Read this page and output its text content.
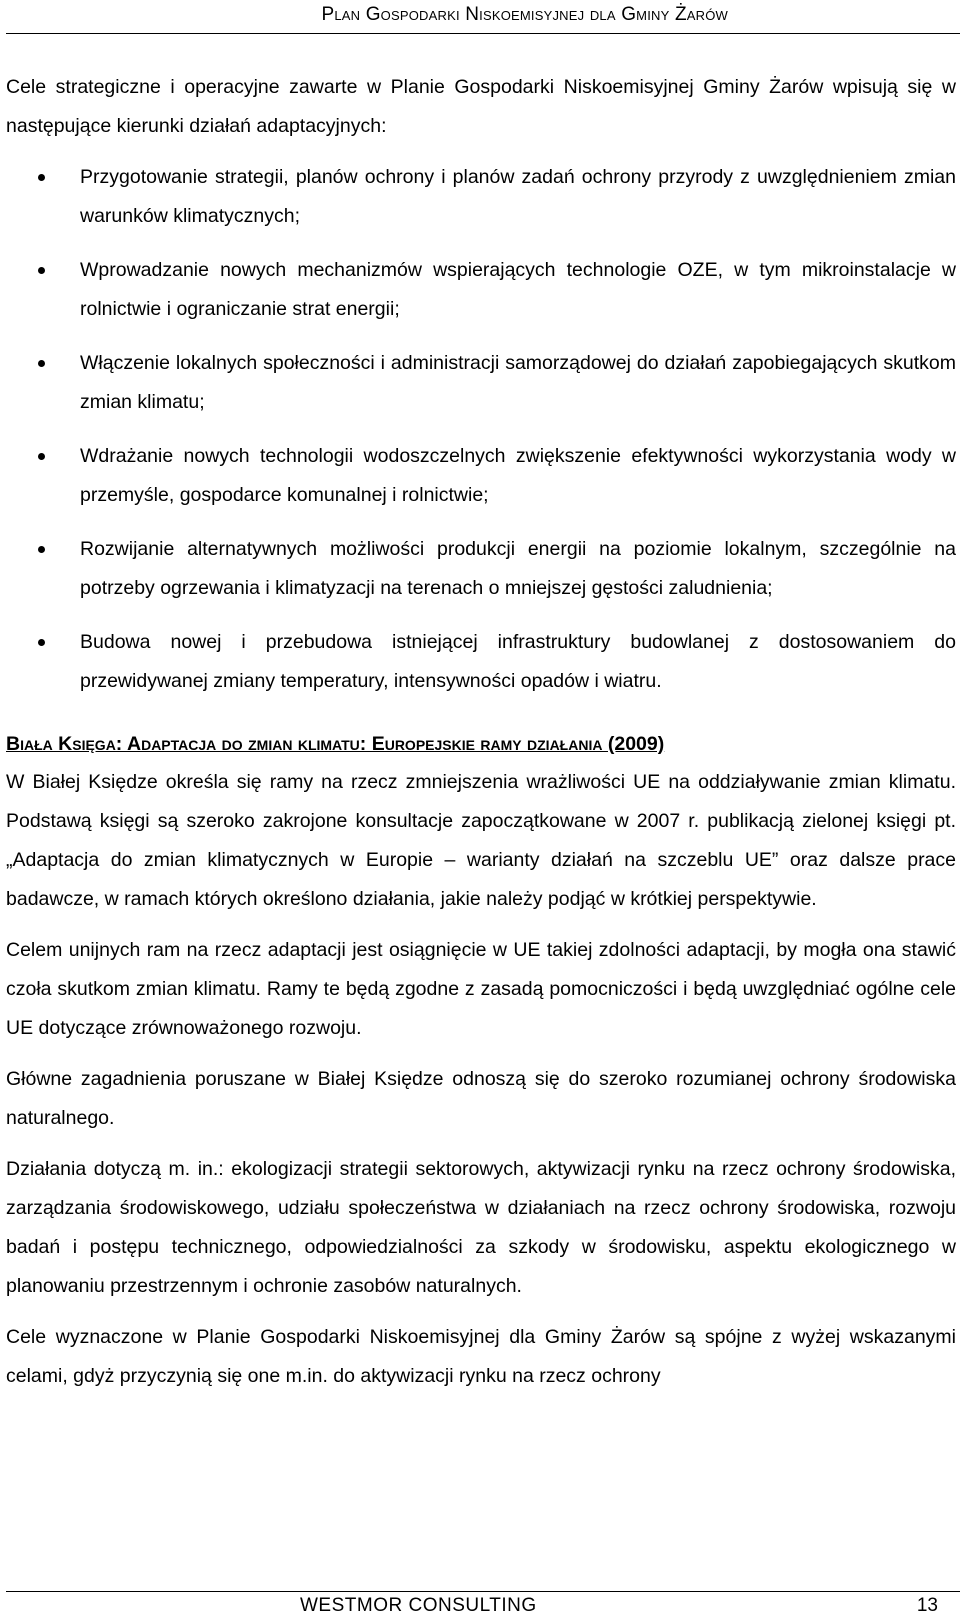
Plan Gospodarki Niskoemisyjnej dla Gminy Żarów

Cele strategiczne i operacyjne zawarte w Planie Gospodarki Niskoemisyjnej Gminy Żarów wpisują się w następujące kierunki działań adaptacyjnych:

Przygotowanie strategii, planów ochrony i planów zadań ochrony przyrody z uwzględnieniem zmian warunków klimatycznych;
Wprowadzanie nowych mechanizmów wspierających technologie OZE, w tym mikroinstalacje w rolnictwie i ograniczanie strat energii;
Włączenie lokalnych społeczności i administracji samorządowej do działań zapobiegających skutkom zmian klimatu;
Wdrażanie nowych technologii wodoszczelnych zwiększenie efektywności wykorzystania wody w przemyśle, gospodarce komunalnej i rolnictwie;
Rozwijanie alternatywnych możliwości produkcji energii na poziomie lokalnym, szczególnie na potrzeby ogrzewania i klimatyzacji na terenach o mniejszej gęstości zaludnienia;
Budowa nowej i przebudowa istniejącej infrastruktury budowlanej z dostosowaniem do przewidywanej zmiany temperatury, intensywności opadów i wiatru.

Biała Księga: Adaptacja do zmian klimatu: Europejskie ramy działania (2009)

W Białej Księdze określa się ramy na rzecz zmniejszenia wrażliwości UE na oddziaływanie zmian klimatu. Podstawą księgi są szeroko zakrojone konsultacje zapoczątkowane w 2007 r. publikacją zielonej księgi pt. „Adaptacja do zmian klimatycznych w Europie – warianty działań na szczeblu UE” oraz dalsze prace badawcze, w ramach których określono działania, jakie należy podjąć w krótkiej perspektywie.

Celem unijnych ram na rzecz adaptacji jest osiągnięcie w UE takiej zdolności adaptacji, by mogła ona stawić czoła skutkom zmian klimatu. Ramy te będą zgodne z zasadą pomocniczości i będą uwzględniać ogólne cele UE dotyczące zrównoważonego rozwoju.

Główne zagadnienia poruszane w Białej Księdze odnoszą się do szeroko rozumianej ochrony środowiska naturalnego.

Działania dotyczą m. in.: ekologizacji strategii sektorowych, aktywizacji rynku na rzecz ochrony środowiska, zarządzania środowiskowego, udziału społeczeństwa w działaniach na rzecz ochrony środowiska, rozwoju badań i postępu technicznego, odpowiedzialności za szkody w środowisku, aspektu ekologicznego w planowaniu przestrzennym i ochronie zasobów naturalnych.

Cele wyznaczone w Planie Gospodarki Niskoemisyjnej dla Gminy Żarów są spójne z wyżej wskazanymi celami, gdyż przyczynią się one m.in. do aktywizacji rynku na rzecz ochrony

WESTMOR CONSULTING	13
